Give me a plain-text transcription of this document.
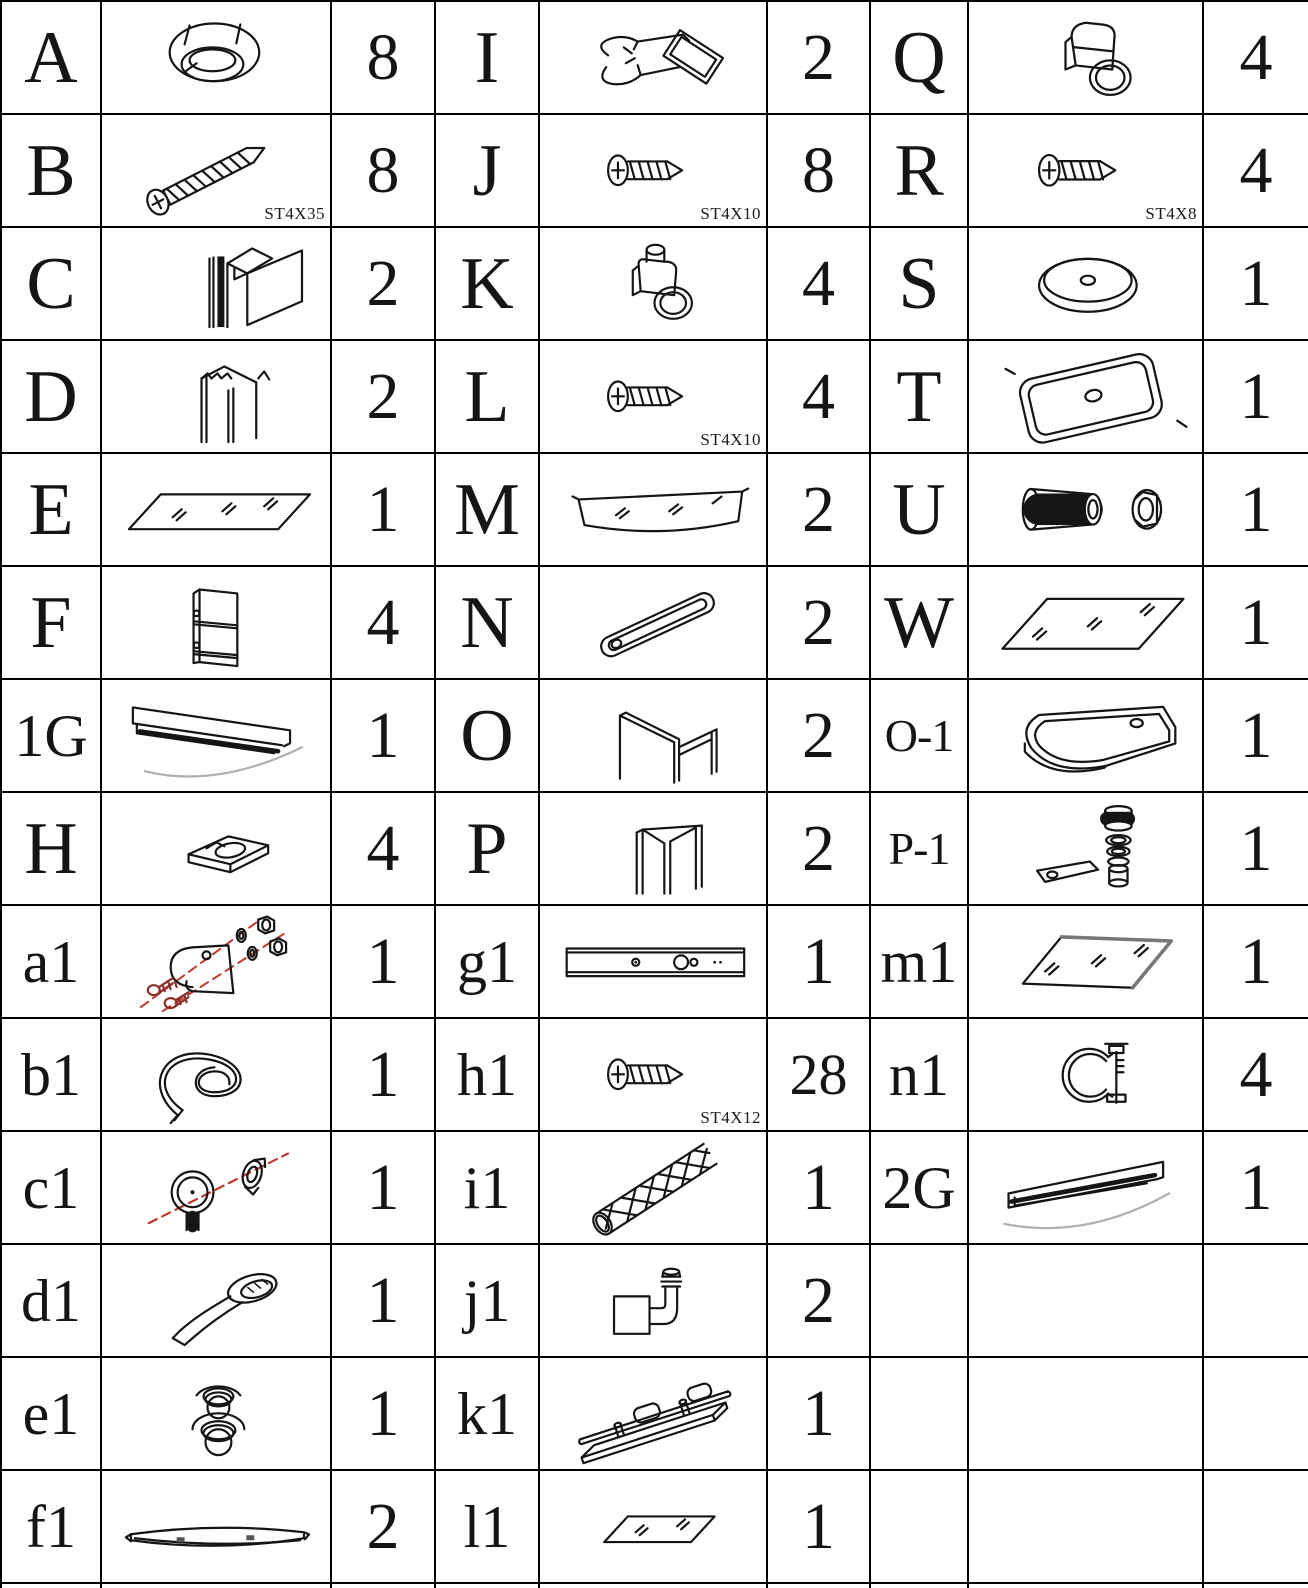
A		8	I		2	Q		4
B	ST4X35	8	J	ST4X10	8	R	ST4X8	4
C		2	K		4	S		1
D		2	L	ST4X10	4	T		1
E		1	M		2	U		1
F		4	N		2	W		1
1G		1	O		2	O-1		1
H		4	P		2	P-1		1
a1		1	g1		1	m1		1
b1		1	h1	ST4X12	28	n1		4
c1		1	i1		1	2G		1
d1		1	j1		2			
e1		1	k1		1			
f1		2	l1		1			
